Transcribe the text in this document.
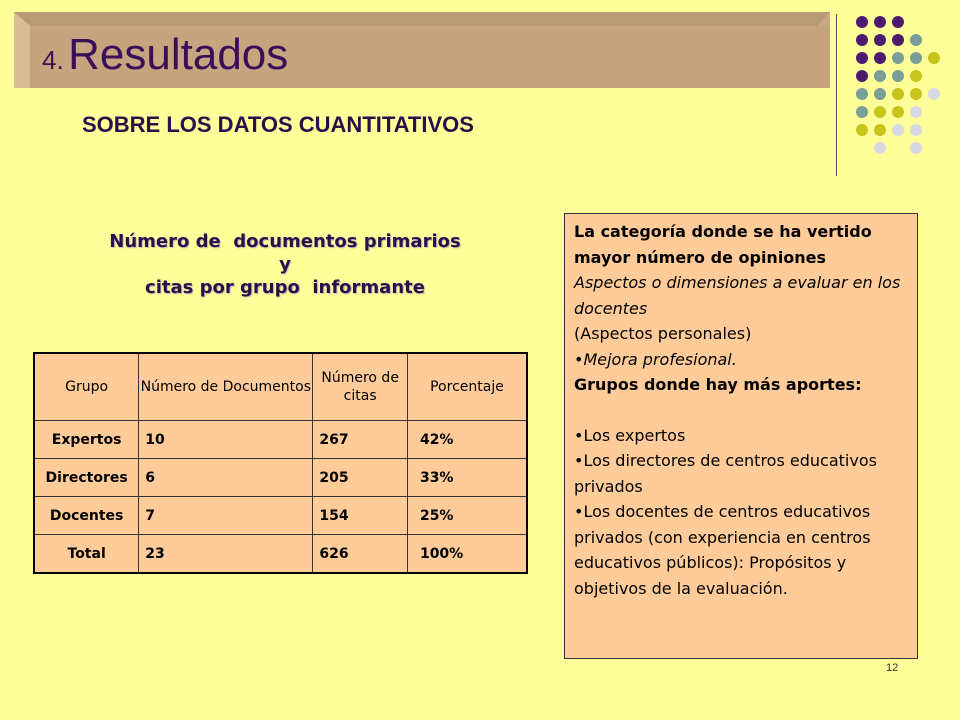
4. Resultados
SOBRE LOS DATOS CUANTITATIVOS
Número de  documentos primarios
y
citas por grupo  informante
Grupo	Número de Documentos	Número de citas	Porcentaje
Expertos	10	267	42%
Directores	6	205	33%
Docentes	7	154	25%
Total	23	626	100%

La categoría donde se ha vertido mayor número de opiniones

Aspectos o dimensiones a evaluar en los docentes

(Aspectos personales)

•Mejora profesional.

Grupos donde hay más aportes:

•Los expertos

•Los directores de centros educativos privados

•Los docentes de centros educativos privados (con experiencia en centros educativos públicos): Propósitos y objetivos de la evaluación.

12
